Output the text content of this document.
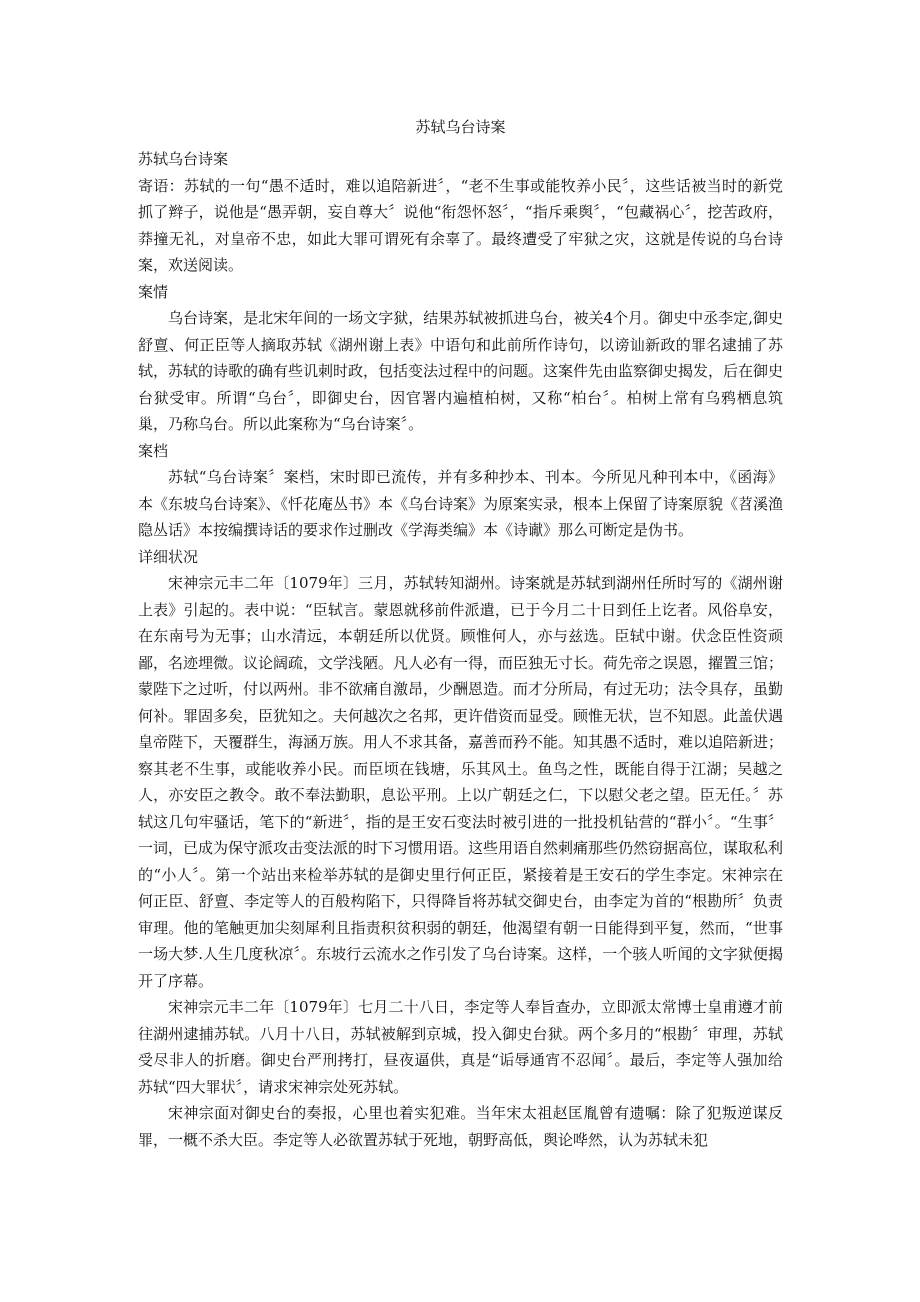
苏轼乌台诗案

苏轼乌台诗案

寄语：苏轼的一句“愚不适时，难以追陪新进〞，“老不生事或能牧养小民〞，这些话被当时的新党抓了辫子，说他是“愚弄朝，妄自尊大〞说他“衔怨怀怒〞，“指斥乘舆〞，“包藏祸心〞，挖苦政府，莽撞无礼，对皇帝不忠，如此大罪可谓死有余辜了。最终遭受了牢狱之灾，这就是传说的乌台诗案，欢送阅读。

案情

乌台诗案，是北宋年间的一场文字狱，结果苏轼被抓进乌台，被关4个月。御史中丞李定,御史舒亶、何正臣等人摘取苏轼《湖州谢上表》中语句和此前所作诗句，以谤讪新政的罪名逮捕了苏轼，苏轼的诗歌的确有些讥刺时政，包括变法过程中的问题。这案件先由监察御史揭发，后在御史台狱受审。所谓“乌台〞，即御史台，因官署内遍植柏树，又称“柏台〞。柏树上常有乌鸦栖息筑巢，乃称乌台。所以此案称为“乌台诗案〞。

案档

苏轼“乌台诗案〞案档，宋时即已流传，并有多种抄本、刊本。今所见凡种刊本中，《函海》本《东坡乌台诗案》、《忏花庵丛书》本《乌台诗案》为原案实录，根本上保留了诗案原貌《苕溪渔隐丛话》本按编撰诗话的要求作过删改《学海类编》本《诗谳》那么可断定是伪书。

详细状况

宋神宗元丰二年〔1079年〕三月，苏轼转知湖州。诗案就是苏轼到湖州任所时写的《湖州谢上表》引起的。表中说：“臣轼言。蒙恩就移前件派遣，已于今月二十日到任上讫者。风俗阜安，在东南号为无事；山水清远，本朝廷所以优贤。顾惟何人，亦与兹选。臣轼中谢。伏念臣性资顽鄙，名迹埋微。议论阔疏，文学浅陋。凡人必有一得，而臣独无寸长。荷先帝之误恩，擢置三馆；蒙陛下之过听，付以两州。非不欲痛自激昂，少酬恩造。而才分所局，有过无功；法令具存，虽勤何补。罪固多矣，臣犹知之。夫何越次之名邦，更许借资而显受。顾惟无状，岂不知恩。此盖伏遇皇帝陛下，天覆群生，海涵万族。用人不求其备，嘉善而矜不能。知其愚不适时，难以追陪新进；察其老不生事，或能收养小民。而臣顷在钱塘，乐其风土。鱼鸟之性，既能自得于江湖；吴越之人，亦安臣之教令。敢不奉法勤职，息讼平刑。上以广朝廷之仁，下以慰父老之望。臣无任。〞苏轼这几句牢骚话，笔下的“新进〞，指的是王安石变法时被引进的一批投机钻营的“群小〞。“生事〞一词，已成为保守派攻击变法派的时下习惯用语。这些用语自然刺痛那些仍然窃据高位，谋取私利的“小人〞。第一个站出来检举苏轼的是御史里行何正臣，紧接着是王安石的学生李定。宋神宗在何正臣、舒亶、李定等人的百般构陷下，只得降旨将苏轼交御史台，由李定为首的“根勘所〞负责审理。他的笔触更加尖刻犀利且指责积贫积弱的朝廷，他渴望有朝一日能得到平复，然而，“世事一场大梦.人生几度秋凉〞。东坡行云流水之作引发了乌台诗案。这样，一个骇人听闻的文字狱便揭开了序幕。

宋神宗元丰二年〔1079年〕七月二十八日，李定等人奉旨查办，立即派太常博士皇甫遵才前往湖州逮捕苏轼。八月十八日，苏轼被解到京城，投入御史台狱。两个多月的“根勘〞审理，苏轼受尽非人的折磨。御史台严刑拷打，昼夜逼供，真是“诟辱通宵不忍闻〞。最后，李定等人强加给苏轼“四大罪状〞，请求宋神宗处死苏轼。

宋神宗面对御史台的奏报，心里也着实犯难。当年宋太祖赵匡胤曾有遗嘱：除了犯叛逆谋反罪，一概不杀大臣。李定等人必欲置苏轼于死地，朝野高低，舆论哗然，认为苏轼未犯
